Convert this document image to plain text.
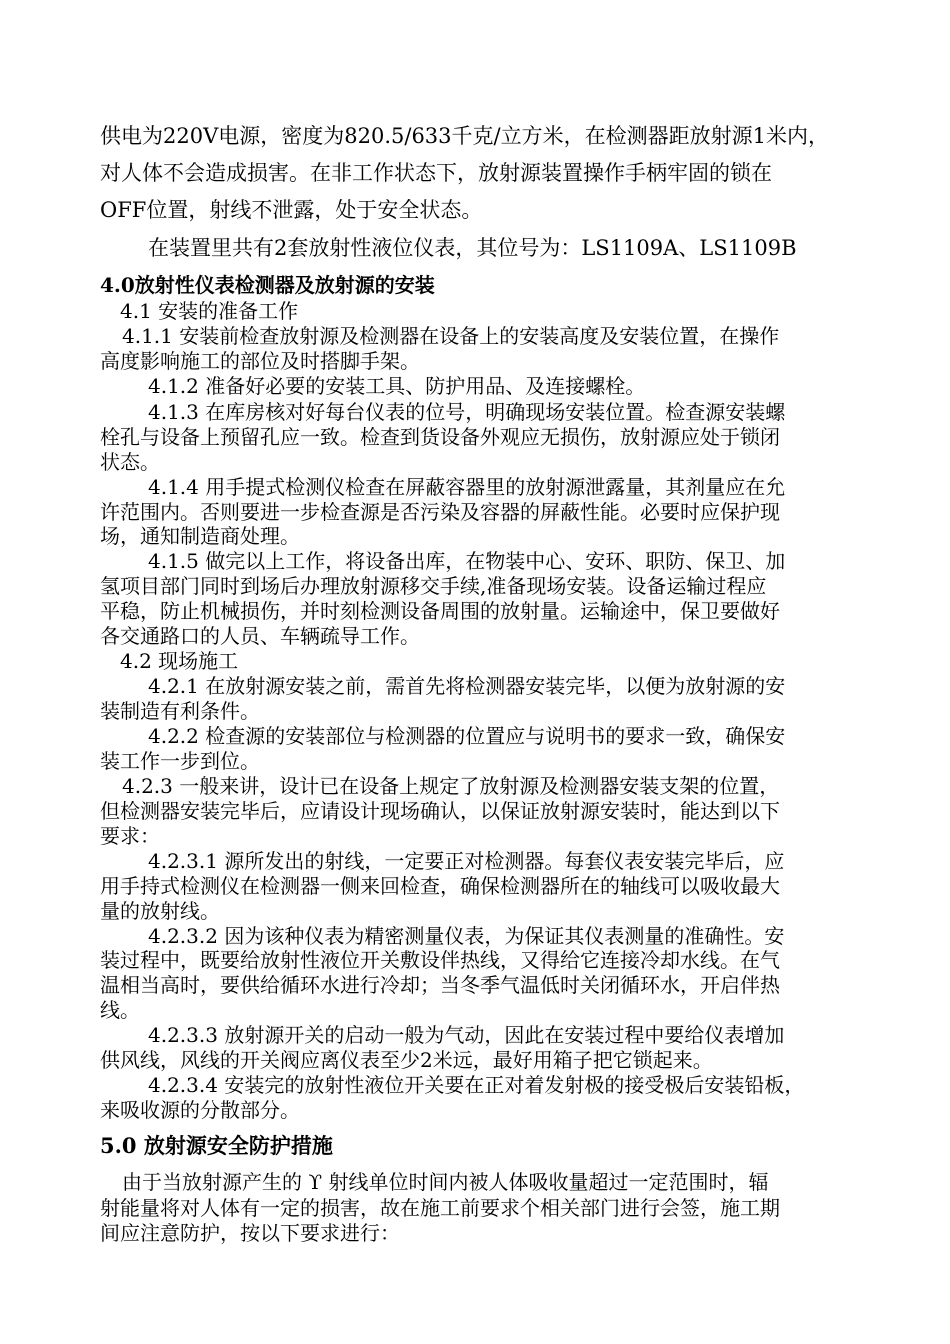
供电为220V电源，密度为820.5/633千克/立方米，在检测器距放射源1米内，
对人体不会造成损害。在非工作状态下，放射源装置操作手柄牢固的锁在
OFF位置，射线不泄露，处于安全状态。
在装置里共有2套放射性液位仪表，其位号为：LS1109A、LS1109B
4.0放射性仪表检测器及放射源的安装
4.1 安装的准备工作
4.1.1 安装前检查放射源及检测器在设备上的安装高度及安装位置，在操作
高度影响施工的部位及时搭脚手架。
4.1.2 准备好必要的安装工具、防护用品、及连接螺栓。
4.1.3 在库房核对好每台仪表的位号，明确现场安装位置。检查源安装螺
栓孔与设备上预留孔应一致。检查到货设备外观应无损伤，放射源应处于锁闭
状态。
4.1.4 用手提式检测仪检查在屏蔽容器里的放射源泄露量，其剂量应在允
许范围内。否则要进一步检查源是否污染及容器的屏蔽性能。必要时应保护现
场，通知制造商处理。
4.1.5 做完以上工作，将设备出库，在物装中心、安环、职防、保卫、加
氢项目部门同时到场后办理放射源移交手续,准备现场安装。设备运输过程应
平稳，防止机械损伤，并时刻检测设备周围的放射量。运输途中，保卫要做好
各交通路口的人员、车辆疏导工作。
4.2 现场施工
4.2.1 在放射源安装之前，需首先将检测器安装完毕，以便为放射源的安
装制造有利条件。
4.2.2 检查源的安装部位与检测器的位置应与说明书的要求一致，确保安
装工作一步到位。
4.2.3 一般来讲，设计已在设备上规定了放射源及检测器安装支架的位置，
但检测器安装完毕后，应请设计现场确认，以保证放射源安装时，能达到以下
要求：
4.2.3.1 源所发出的射线，一定要正对检测器。每套仪表安装完毕后，应
用手持式检测仪在检测器一侧来回检查，确保检测器所在的轴线可以吸收最大
量的放射线。
4.2.3.2 因为该种仪表为精密测量仪表，为保证其仪表测量的准确性。安
装过程中，既要给放射性液位开关敷设伴热线，又得给它连接冷却水线。在气
温相当高时，要供给循环水进行冷却；当冬季气温低时关闭循环水，开启伴热
线。
4.2.3.3 放射源开关的启动一般为气动，因此在安装过程中要给仪表增加
供风线，风线的开关阀应离仪表至少2米远，最好用箱子把它锁起来。
4.2.3.4 安装完的放射性液位开关要在正对着发射极的接受极后安装铅板，
来吸收源的分散部分。
5.0 放射源安全防护措施
由于当放射源产生的 ϒ 射线单位时间内被人体吸收量超过一定范围时，辐
射能量将对人体有一定的损害，故在施工前要求个相关部门进行会签，施工期
间应注意防护，按以下要求进行：
